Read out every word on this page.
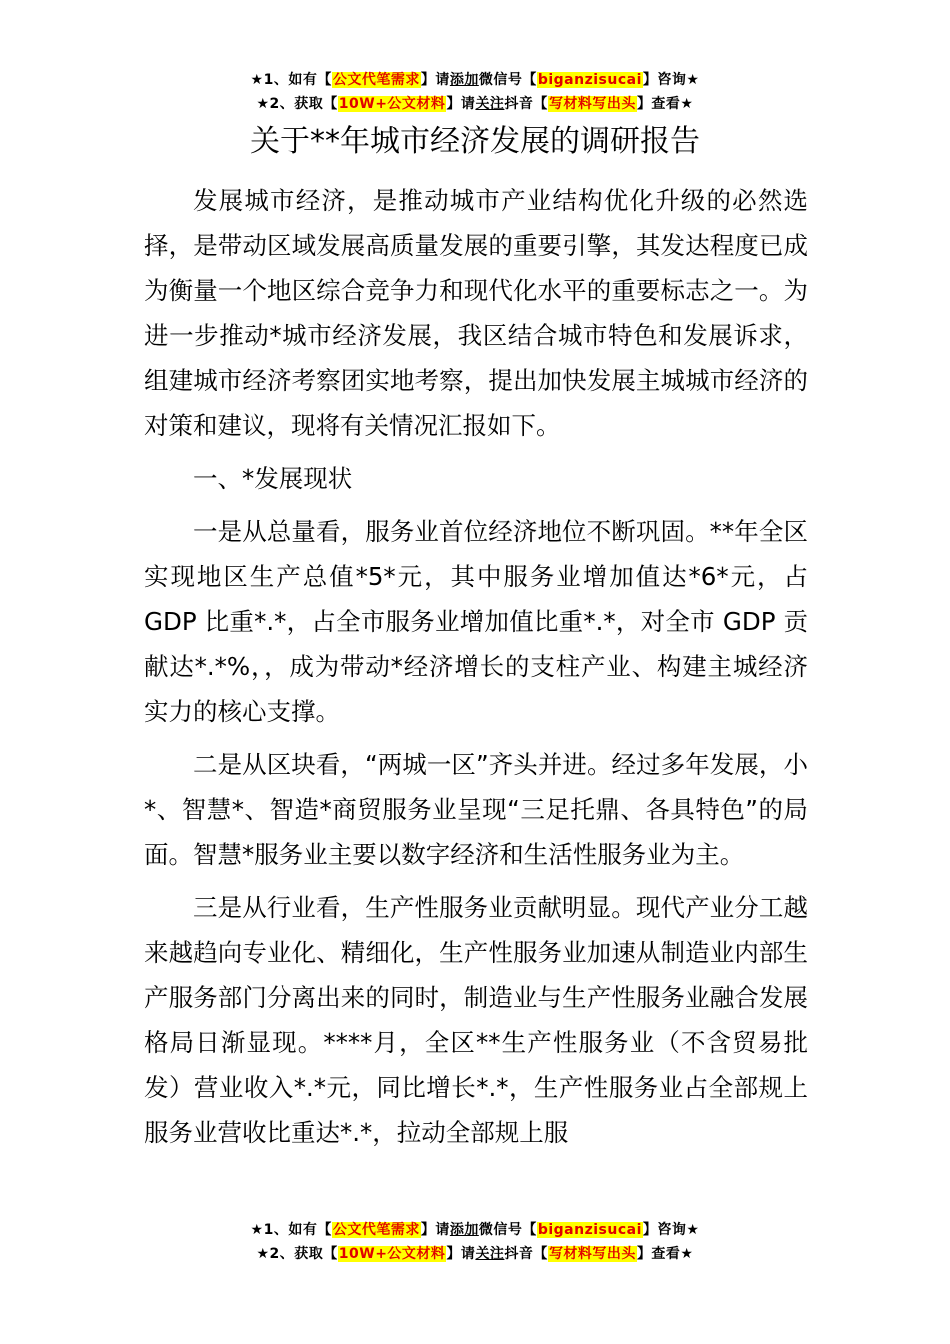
★1、如有【公文代笔需求】请添加微信号【biganzisucai】咨询★
★2、获取【10W+公文材料】请关注抖音【写材料写出头】查看★
关于**年城市经济发展的调研报告

发展城市经济，是推动城市产业结构优化升级的必然选择，是带动区域发展高质量发展的重要引擎，其发达程度已成为衡量一个地区综合竞争力和现代化水平的重要标志之一。为进一步推动*城市经济发展，我区结合城市特色和发展诉求，组建城市经济考察团实地考察，提出加快发展主城城市经济的对策和建议，现将有关情况汇报如下。

一、*发展现状

一是从总量看，服务业首位经济地位不断巩固。**年全区实现地区生产总值*5*元，其中服务业增加值达*6*元，占 GDP 比重*.*，占全市服务业增加值比重*.*，对全市 GDP 贡献达*.*%，，成为带动*经济增长的支柱产业、构建主城经济实力的核心支撑。

二是从区块看，“两城一区”齐头并进。经过多年发展，小*、智慧*、智造*商贸服务业呈现“三足托鼎、各具特色”的局面。智慧*服务业主要以数字经济和生活性服务业为主。

三是从行业看，生产性服务业贡献明显。现代产业分工越来越趋向专业化、精细化，生产性服务业加速从制造业内部生产服务部门分离出来的同时，制造业与生产性服务业融合发展格局日渐显现。****月，全区**生产性服务业（不含贸易批发）营业收入*.*元，同比增长*.*，生产性服务业占全部规上服务业营收比重达*.*，拉动全部规上服

★1、如有【公文代笔需求】请添加微信号【biganzisucai】咨询★
★2、获取【10W+公文材料】请关注抖音【写材料写出头】查看★
